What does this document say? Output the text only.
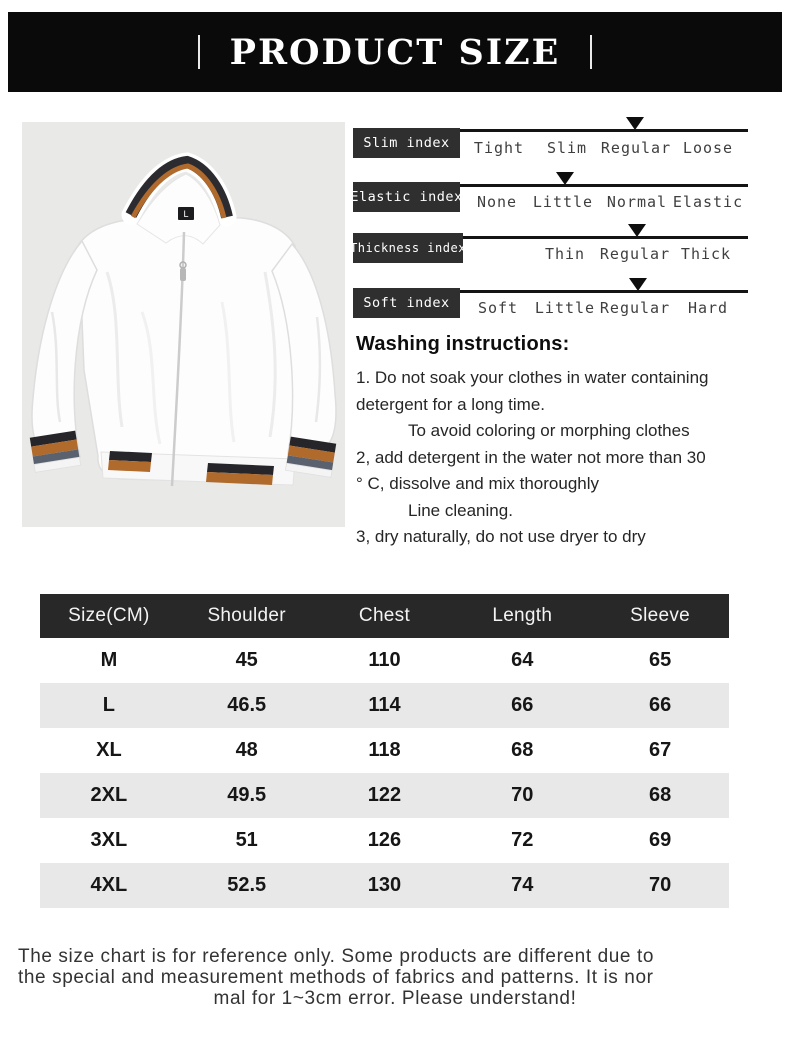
PRODUCT SIZE
L
Slim index	Tight Slim Regular Loose
Elastic index None Little Normal Elastic
Thickness index	Thin Regular Thick
Soft index	Soft Little Regular Hard
Washing instructions:

1. Do not soak your clothes in water containing

detergent for a long time.

To avoid coloring or morphing clothes

2, add detergent in the water not more than 30

° C, dissolve and mix thoroughly

Line cleaning.

3, dry naturally, do not use dryer to dry

Size(CM)	Shoulder	Chest	Length	Sleeve
M	45	110	64	65
L	46.5	114	66	66
XL	48	118	68	67
2XL	49.5	122	70	68
3XL	51	126	72	69
4XL	52.5	130	74	70

The size chart is for reference only. Some products are different due to

the special and measurement methods of fabrics and patterns. It is nor

mal for 1~3cm error. Please understand!
